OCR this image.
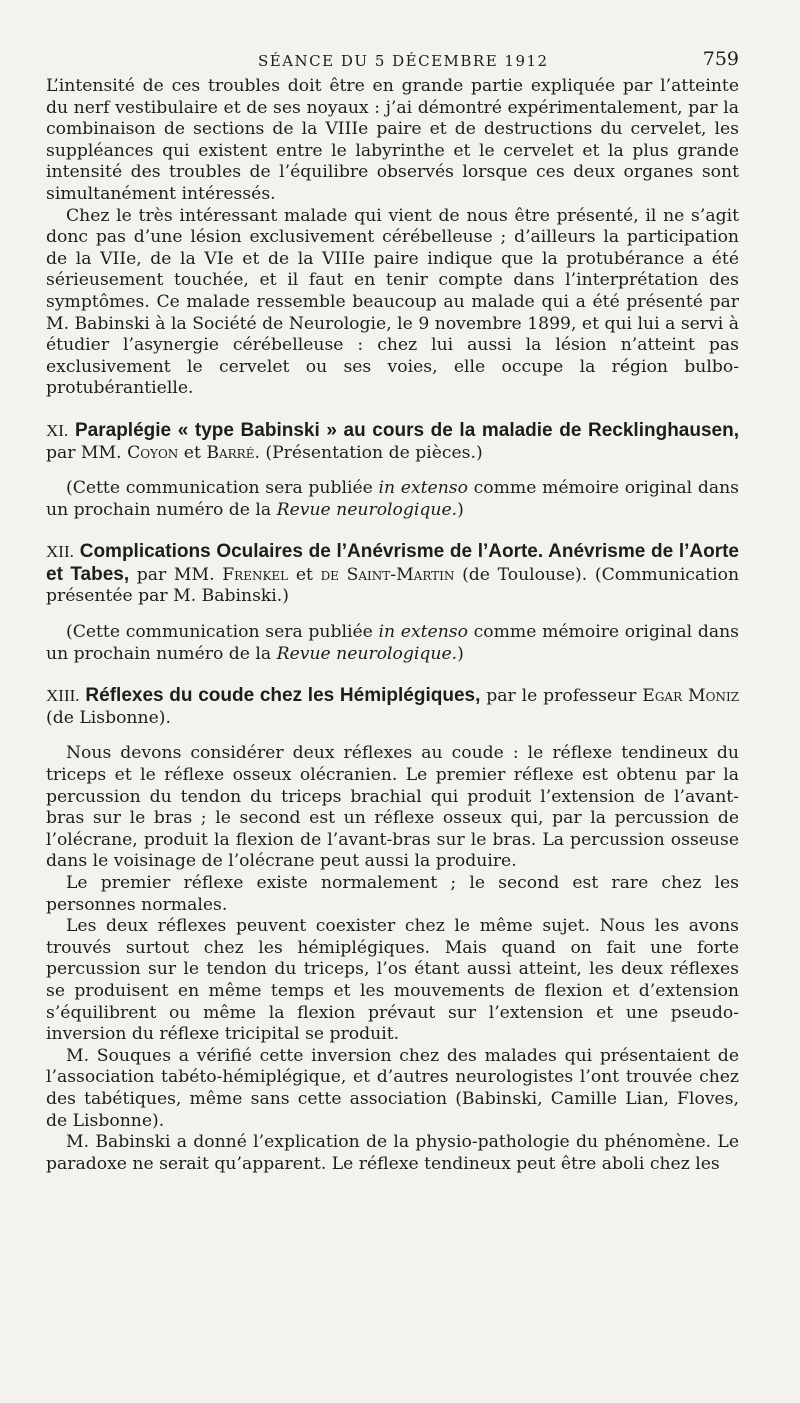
SÉANCE DU 5 DÉCEMBRE 1912	759

L’intensité de ces troubles doit être en grande partie expliquée par l’atteinte du nerf vestibulaire et de ses noyaux : j’ai démontré expérimentalement, par la combinaison de sections de la VIIIe paire et de destructions du cervelet, les suppléances qui existent entre le labyrinthe et le cervelet et la plus grande intensité des troubles de l’équilibre observés lorsque ces deux organes sont simultanément intéressés.

Chez le très intéressant malade qui vient de nous être présenté, il ne s’agit donc pas d’une lésion exclusivement cérébelleuse ; d’ailleurs la participation de la VIIe, de la VIe et de la VIIIe paire indique que la protubérance a été sérieusement touchée, et il faut en tenir compte dans l’interprétation des symptômes. Ce malade ressemble beaucoup au malade qui a été présenté par M. Babinski à la Société de Neurologie, le 9 novembre 1899, et qui lui a servi à étudier l’asynergie cérébelleuse : chez lui aussi la lésion n’atteint pas exclusivement le cervelet ou ses voies, elle occupe la région bulbo-protubérantielle.

XI. Paraplégie « type Babinski » au cours de la maladie de Recklinghausen, par MM. Coyon et Barré. (Présentation de pièces.)

(Cette communication sera publiée in extenso comme mémoire original dans un prochain numéro de la Revue neurologique.)

XII. Complications Oculaires de l’Anévrisme de l’Aorte. Anévrisme de l’Aorte et Tabes, par MM. Frenkel et de Saint-Martin (de Toulouse). (Communication présentée par M. Babinski.)

(Cette communication sera publiée in extenso comme mémoire original dans un prochain numéro de la Revue neurologique.)

XIII. Réflexes du coude chez les Hémiplégiques, par le professeur Egar Moniz (de Lisbonne).

Nous devons considérer deux réflexes au coude : le réflexe tendineux du triceps et le réflexe osseux olécranien. Le premier réflexe est obtenu par la percussion du tendon du triceps brachial qui produit l’extension de l’avant-bras sur le bras ; le second est un réflexe osseux qui, par la percussion de l’olécrane, produit la flexion de l’avant-bras sur le bras. La percussion osseuse dans le voisinage de l’olécrane peut aussi la produire.

Le premier réflexe existe normalement ; le second est rare chez les personnes normales.

Les deux réflexes peuvent coexister chez le même sujet. Nous les avons trouvés surtout chez les hémiplégiques. Mais quand on fait une forte percussion sur le tendon du triceps, l’os étant aussi atteint, les deux réflexes se produisent en même temps et les mouvements de flexion et d’extension s’équilibrent ou même la flexion prévaut sur l’extension et une pseudo-inversion du réflexe tricipital se produit.

M. Souques a vérifié cette inversion chez des malades qui présentaient de l’association tabéto-hémiplégique, et d’autres neurologistes l’ont trouvée chez des tabétiques, même sans cette association (Babinski, Camille Lian, Floves, de Lisbonne).

M. Babinski a donné l’explication de la physio-pathologie du phénomène. Le paradoxe ne serait qu’apparent. Le réflexe tendineux peut être aboli chez les
